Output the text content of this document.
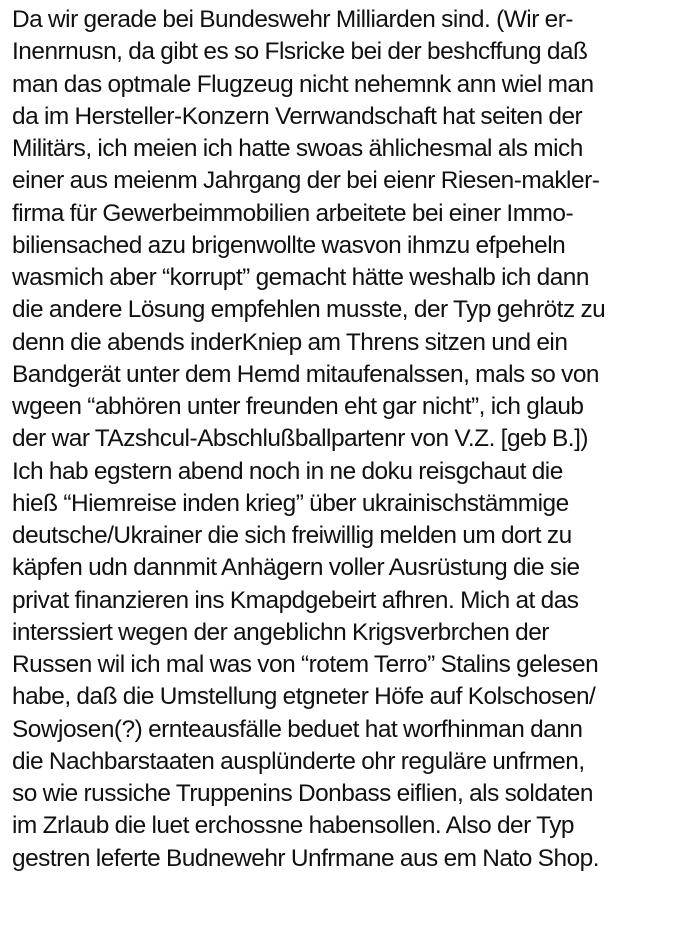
Da wir gerade bei Bundeswehr Milliarden sind. (Wir er-
Inenrnusn, da gibt es so Flsricke bei der beshcffung daß
man das optmale Flugzeug nicht nehemnk ann wiel man
da im Hersteller-Konzern Verrwandschaft hat seiten der
Militärs, ich meien ich hatte swoas ählichesmal als mich
einer aus meienm Jahrgang der bei eienr Riesen-makler-
firma für Gewerbeimmobilien arbeitete bei einer Immo-
biliensached azu brigenwollte wasvon ihmzu efpeheln
wasmich aber “korrupt” gemacht hätte weshalb ich dann
die andere Lösung empfehlen musste, der Typ gehrötz zu
denn die abends inderKniep am Threns sitzen und ein
Bandgerät unter dem Hemd mitaufenalssen, mals so von
wgeen “abhören unter freunden eht gar nicht”, ich glaub
der war TAzshcul-Abschlußballpartenr von V.Z. [geb B.])
Ich hab egstern abend noch in ne doku reisgchaut die
hieß “Hiemreise inden krieg” über ukrainischstämmige
deutsche/Ukrainer die sich freiwillig melden um dort zu
käpfen udn dannmit Anhägern voller Ausrüstung die sie
privat finanzieren ins Kmapdgebeirt afhren. Mich at das
interssiert wegen der angeblichn Krigsverbrchen der
Russen wil ich mal was von “rotem Terro” Stalins gelesen
habe, daß die Umstellung etgneter Höfe auf Kolschosen/
Sowjosen(?) ernteausfälle beduet hat worfhinman dann
die Nachbarstaaten ausplünderte ohr reguläre unfrmen,
so wie russiche Truppenins Donbass eiflien, als soldaten
im Zrlaub die luet erchossne habensollen. Also der Typ
gestren leferte Budnewehr Unfrmane aus em Nato Shop.
